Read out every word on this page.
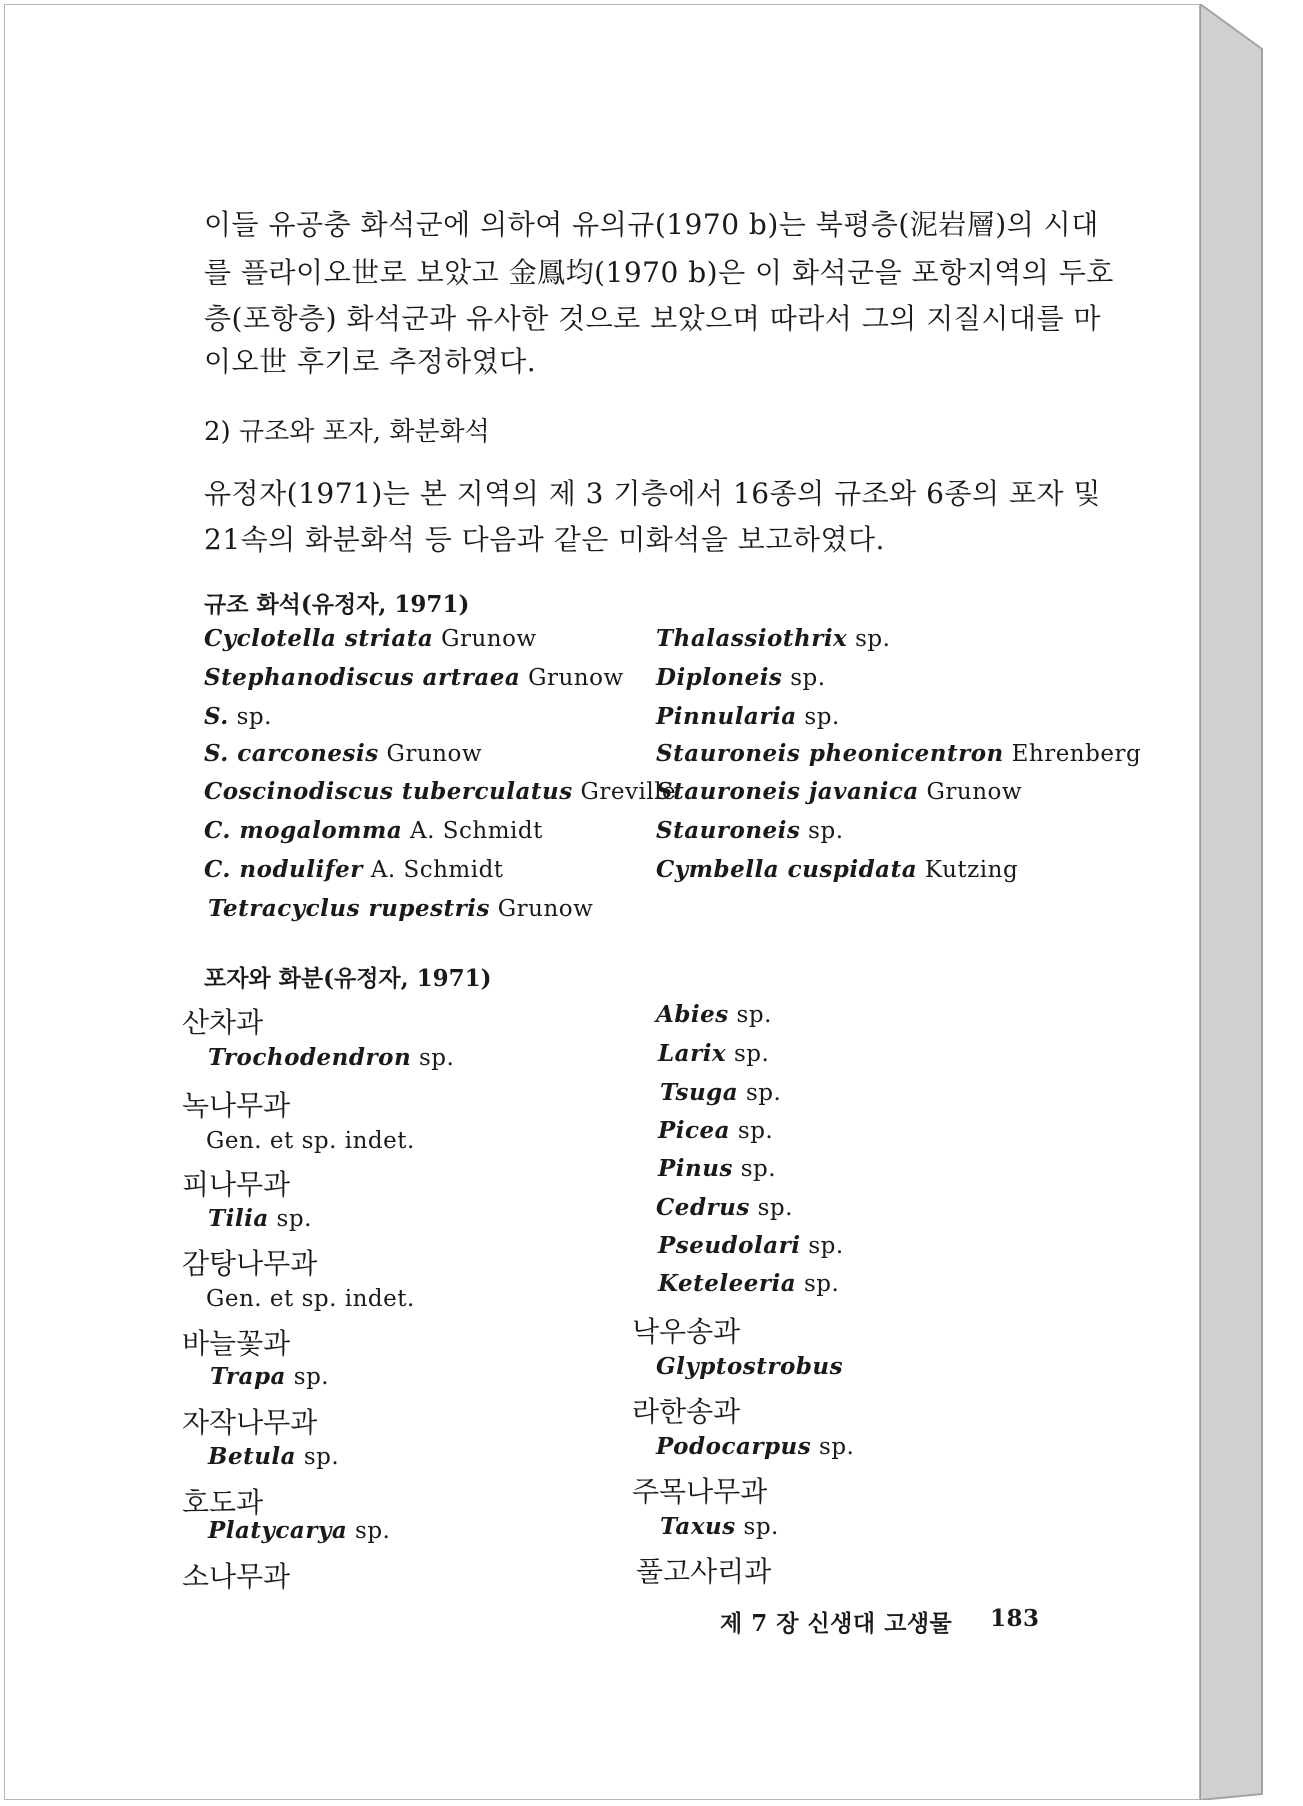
이들 유공충 화석군에 의하여 유의규(1970 b)는 북평층(泥岩層)의 시대
를 플라이오世로 보았고 金鳳均(1970 b)은 이 화석군을 포항지역의 두호
층(포항층) 화석군과 유사한 것으로 보았으며 따라서 그의 지질시대를 마
이오世 후기로 추정하였다.
2) 규조와 포자, 화분화석
유정자(1971)는 본 지역의 제 3 기층에서 16종의 규조와 6종의 포자 및
21속의 화분화석 등 다음과 같은 미화석을 보고하였다.
규조 화석(유정자, 1971)
Cyclotella striata Grunow
Stephanodiscus artraea Grunow
S. sp.
S. carconesis Grunow
Coscinodiscus tuberculatus Greville
C. mogalomma A. Schmidt
C. nodulifer A. Schmidt
Tetracyclus rupestris Grunow
Thalassiothrix sp.
Diploneis sp.
Pinnularia sp.
Stauroneis pheonicentron Ehrenberg
Stauroneis javanica Grunow
Stauroneis sp.
Cymbella cuspidata Kutzing
포자와 화분(유정자, 1971)
산차과
Trochodendron sp.
녹나무과
Gen. et sp. indet.
피나무과
Tilia sp.
감탕나무과
Gen. et sp. indet.
바늘꽃과
Trapa sp.
자작나무과
Betula sp.
호도과
Platycarya sp.
소나무과
Abies sp.
Larix sp.
Tsuga sp.
Picea sp.
Pinus sp.
Cedrus sp.
Pseudolari sp.
Keteleeria sp.
낙우송과
Glyptostrobus
라한송과
Podocarpus sp.
주목나무과
Taxus sp.
풀고사리과
제 7 장 신생대 고생물 183
